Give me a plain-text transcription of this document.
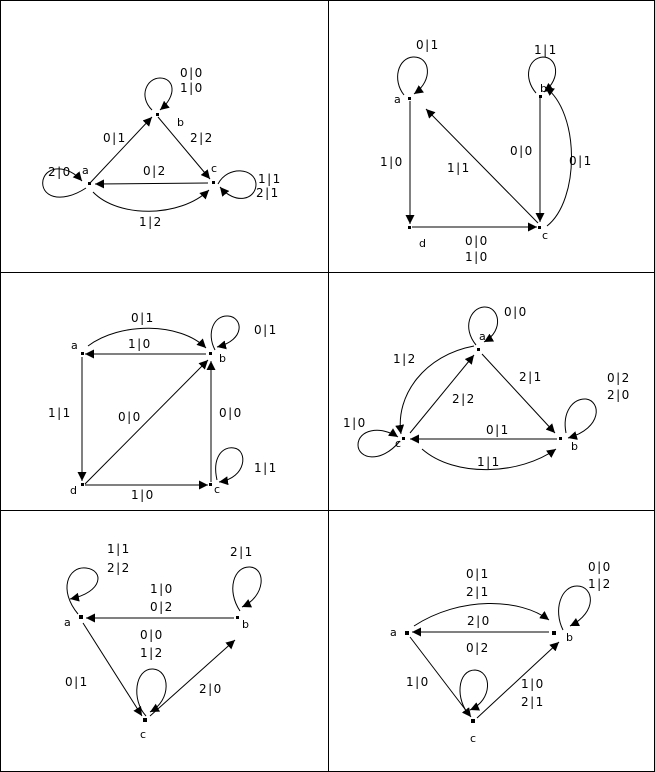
a
b
c
0|1	2|2
0|2
1|2
2|0
0|0
1|0
1|1
2|1
a
b
c
d
0|1	1|1
1|0
0|0
1|0
1|1
0|0
0|1
a
b
c
d
0|1
1|0
0|1
1|1	0|0	0|0
1|1
1|0
a
b
c
0|0
1|2
2|2
2|1	0|2
2|0
0|1
1|1
1|0
a	b
c
1|1
2|2
2|1
1|0
0|2
0|1
0|0
1|2
2|0
a	b
c
0|1
2|1
0|0
1|2
2|0
1|0
0|2
1|0
2|1
